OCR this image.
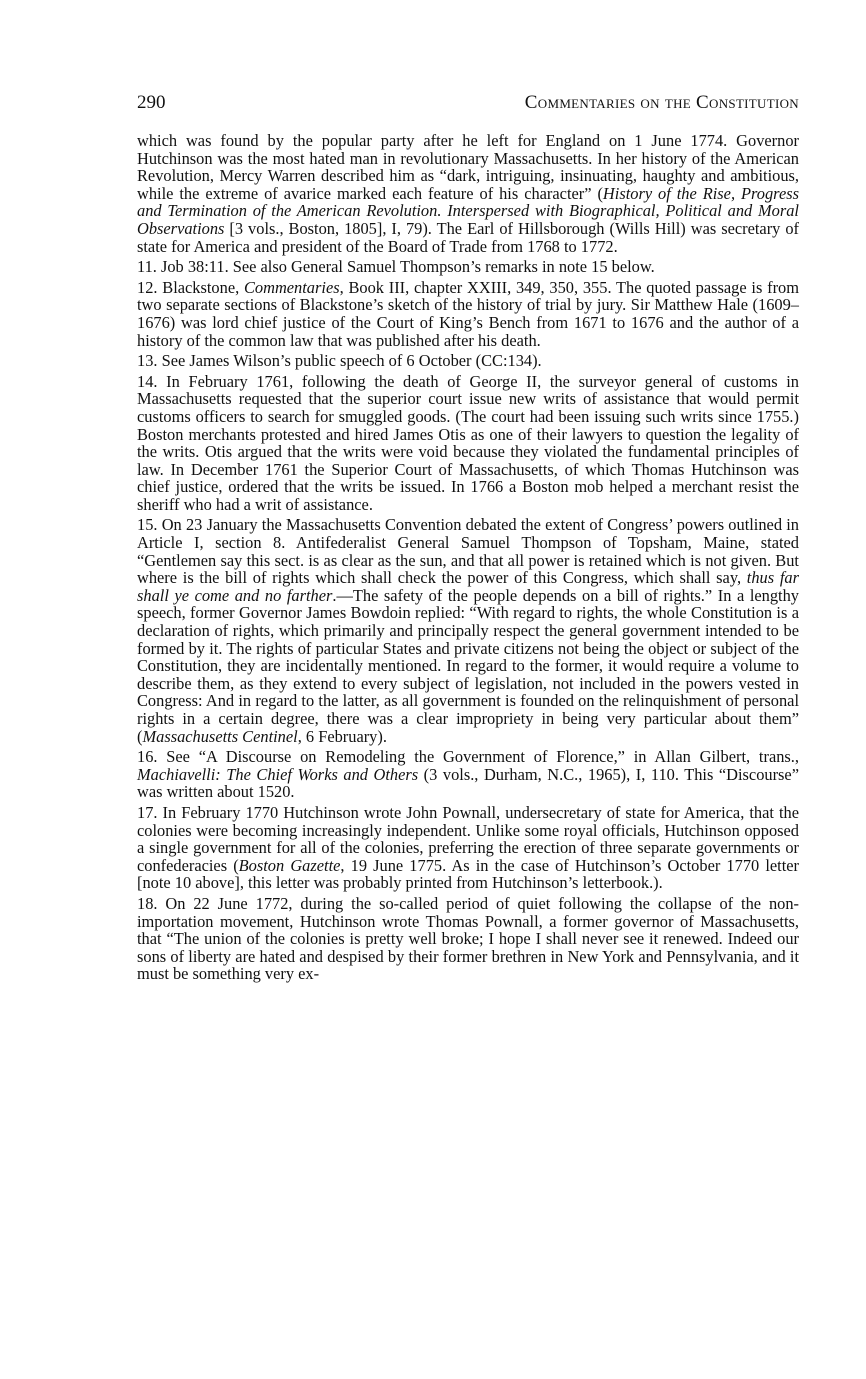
290	Commentaries on the Constitution

which was found by the popular party after he left for England on 1 June 1774. Governor Hutchinson was the most hated man in revolutionary Massachusetts. In her history of the American Revolution, Mercy Warren described him as “dark, intriguing, insinuating, haughty and ambitious, while the extreme of avarice marked each feature of his character” (History of the Rise, Progress and Termination of the American Revolution. Interspersed with Biographical, Political and Moral Observations [3 vols., Boston, 1805], I, 79). The Earl of Hillsborough (Wills Hill) was secretary of state for America and president of the Board of Trade from 1768 to 1772.

11. Job 38:11. See also General Samuel Thompson’s remarks in note 15 below.

12. Blackstone, Commentaries, Book III, chapter XXIII, 349, 350, 355. The quoted passage is from two separate sections of Blackstone’s sketch of the history of trial by jury. Sir Matthew Hale (1609–1676) was lord chief justice of the Court of King’s Bench from 1671 to 1676 and the author of a history of the common law that was published after his death.

13. See James Wilson’s public speech of 6 October (CC:134).

14. In February 1761, following the death of George II, the surveyor general of customs in Massachusetts requested that the superior court issue new writs of assistance that would permit customs officers to search for smuggled goods. (The court had been issuing such writs since 1755.) Boston merchants protested and hired James Otis as one of their lawyers to question the legality of the writs. Otis argued that the writs were void because they violated the fundamental principles of law. In December 1761 the Superior Court of Massachusetts, of which Thomas Hutchinson was chief justice, ordered that the writs be issued. In 1766 a Boston mob helped a merchant resist the sheriff who had a writ of assistance.

15. On 23 January the Massachusetts Convention debated the extent of Congress’ powers outlined in Article I, section 8. Antifederalist General Samuel Thompson of Topsham, Maine, stated “Gentlemen say this sect. is as clear as the sun, and that all power is retained which is not given. But where is the bill of rights which shall check the power of this Congress, which shall say, thus far shall ye come and no farther.—The safety of the people depends on a bill of rights.” In a lengthy speech, former Governor James Bowdoin replied: “With regard to rights, the whole Constitution is a declaration of rights, which primarily and principally respect the general government intended to be formed by it. The rights of particular States and private citizens not being the object or subject of the Constitution, they are incidentally mentioned. In regard to the former, it would require a volume to describe them, as they extend to every subject of legislation, not included in the powers vested in Congress: And in regard to the latter, as all government is founded on the relinquishment of personal rights in a certain degree, there was a clear impropriety in being very particular about them” (Massachusetts Centinel, 6 February).

16. See “A Discourse on Remodeling the Government of Florence,” in Allan Gilbert, trans., Machiavelli: The Chief Works and Others (3 vols., Durham, N.C., 1965), I, 110. This “Discourse” was written about 1520.

17. In February 1770 Hutchinson wrote John Pownall, undersecretary of state for America, that the colonies were becoming increasingly independent. Unlike some royal officials, Hutchinson opposed a single government for all of the colonies, preferring the erection of three separate governments or confederacies (Boston Gazette, 19 June 1775. As in the case of Hutchinson’s October 1770 letter [note 10 above], this letter was probably printed from Hutchinson’s letterbook.).

18. On 22 June 1772, during the so-called period of quiet following the collapse of the non-importation movement, Hutchinson wrote Thomas Pownall, a former governor of Massachusetts, that “The union of the colonies is pretty well broke; I hope I shall never see it renewed. Indeed our sons of liberty are hated and despised by their former brethren in New York and Pennsylvania, and it must be something very ex-
